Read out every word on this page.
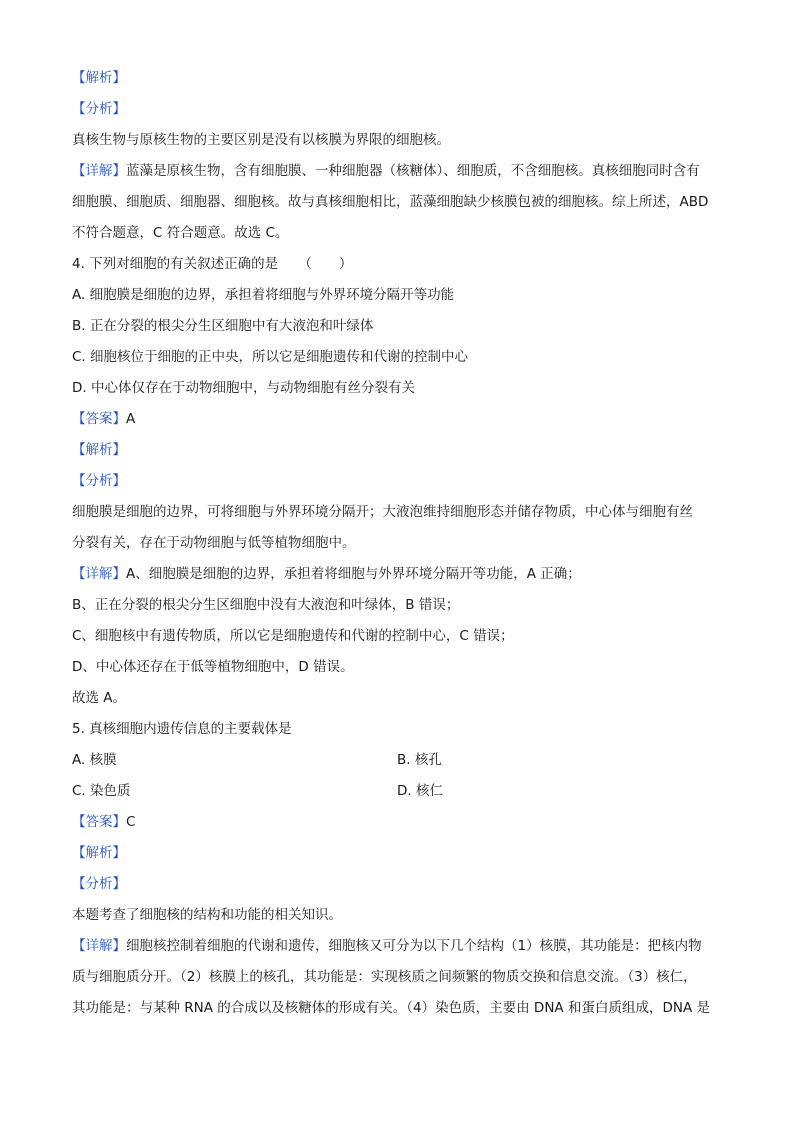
【解析】
【分析】
真核生物与原核生物的主要区别是没有以核膜为界限的细胞核。
【详解】蓝藻是原核生物，含有细胞膜、一种细胞器（核糖体）、细胞质，不含细胞核。真核细胞同时含有
细胞膜、细胞质、细胞器、细胞核。故与真核细胞相比，蓝藻细胞缺少核膜包被的细胞核。综上所述，ABD
不符合题意，C 符合题意。故选 C。
4. 下列对细胞的有关叙述正确的是　　（　　）
A. 细胞膜是细胞的边界，承担着将细胞与外界环境分隔开等功能
B. 正在分裂的根尖分生区细胞中有大液泡和叶绿体
C. 细胞核位于细胞的正中央，所以它是细胞遗传和代谢的控制中心
D. 中心体仅存在于动物细胞中，与动物细胞有丝分裂有关
【答案】A
【解析】
【分析】
细胞膜是细胞的边界，可将细胞与外界环境分隔开；大液泡维持细胞形态并储存物质，中心体与细胞有丝
分裂有关，存在于动物细胞与低等植物细胞中。
【详解】A、细胞膜是细胞的边界，承担着将细胞与外界环境分隔开等功能，A 正确；
B、正在分裂的根尖分生区细胞中没有大液泡和叶绿体，B 错误；
C、细胞核中有遗传物质，所以它是细胞遗传和代谢的控制中心，C 错误；
D、中心体还存在于低等植物细胞中，D 错误。
故选 A。
5. 真核细胞内遗传信息的主要载体是
A. 核膜	B. 核孔
C. 染色质	D. 核仁
【答案】C
【解析】
【分析】
本题考查了细胞核的结构和功能的相关知识。
【详解】细胞核控制着细胞的代谢和遗传，细胞核又可分为以下几个结构（1）核膜，其功能是：把核内物
质与细胞质分开。（2）核膜上的核孔，其功能是：实现核质之间频繁的物质交换和信息交流。（3）核仁，
其功能是：与某种 RNA 的合成以及核糖体的形成有关。（4）染色质，主要由 DNA 和蛋白质组成，DNA 是
